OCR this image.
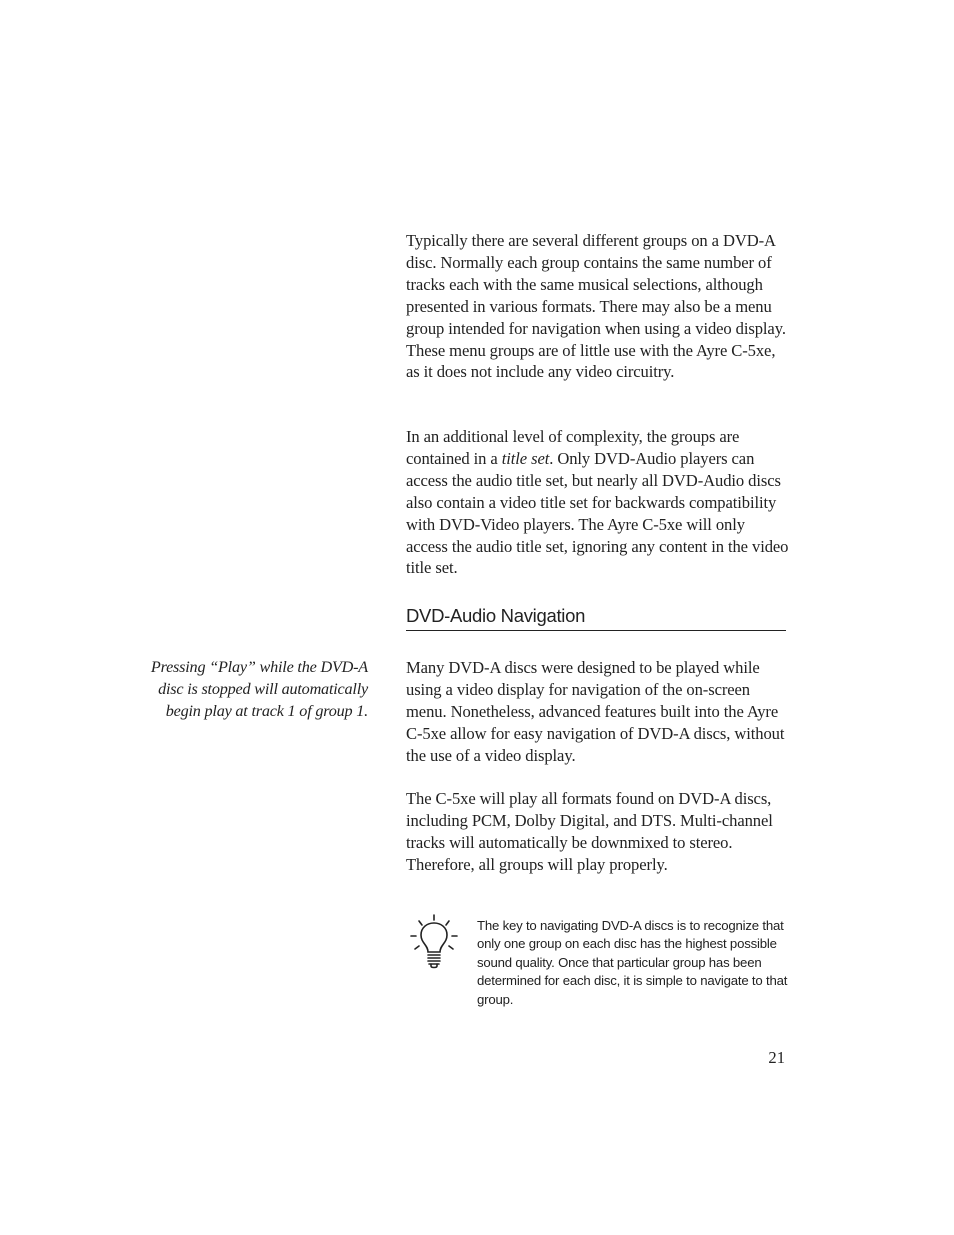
Typically there are several different groups on a DVD-A disc. Normally each group contains the same number of tracks each with the same musical selections, although presented in various formats. There may also be a menu group intended for navigation when using a video display. These menu groups are of little use with the Ayre C-5xe, as it does not include any video circuitry.

In an additional level of complexity, the groups are contained in a title set. Only DVD-Audio players can access the audio title set, but nearly all DVD-Audio discs also contain a video title set for backwards compatibility with DVD-Video players. The Ayre C-5xe will only access the audio title set, ignoring any content in the video title set.

DVD-Audio Navigation

Pressing “Play” while the DVD-A disc is stopped will automatically begin play at track 1 of group 1.

Many DVD-A discs were designed to be played while using a video display for navigation of the on-screen menu. Nonetheless, advanced features built into the Ayre C-5xe allow for easy navigation of DVD-A discs, without the use of a video display.

The C-5xe will play all formats found on DVD-A discs, including PCM, Dolby Digital, and DTS. Multi-channel tracks will automatically be downmixed to stereo. Therefore, all groups will play properly.

The key to navigating DVD-A discs is to recognize that only one group on each disc has the highest possible sound quality. Once that particular group has been determined for each disc, it is simple to navigate to that group.

21
